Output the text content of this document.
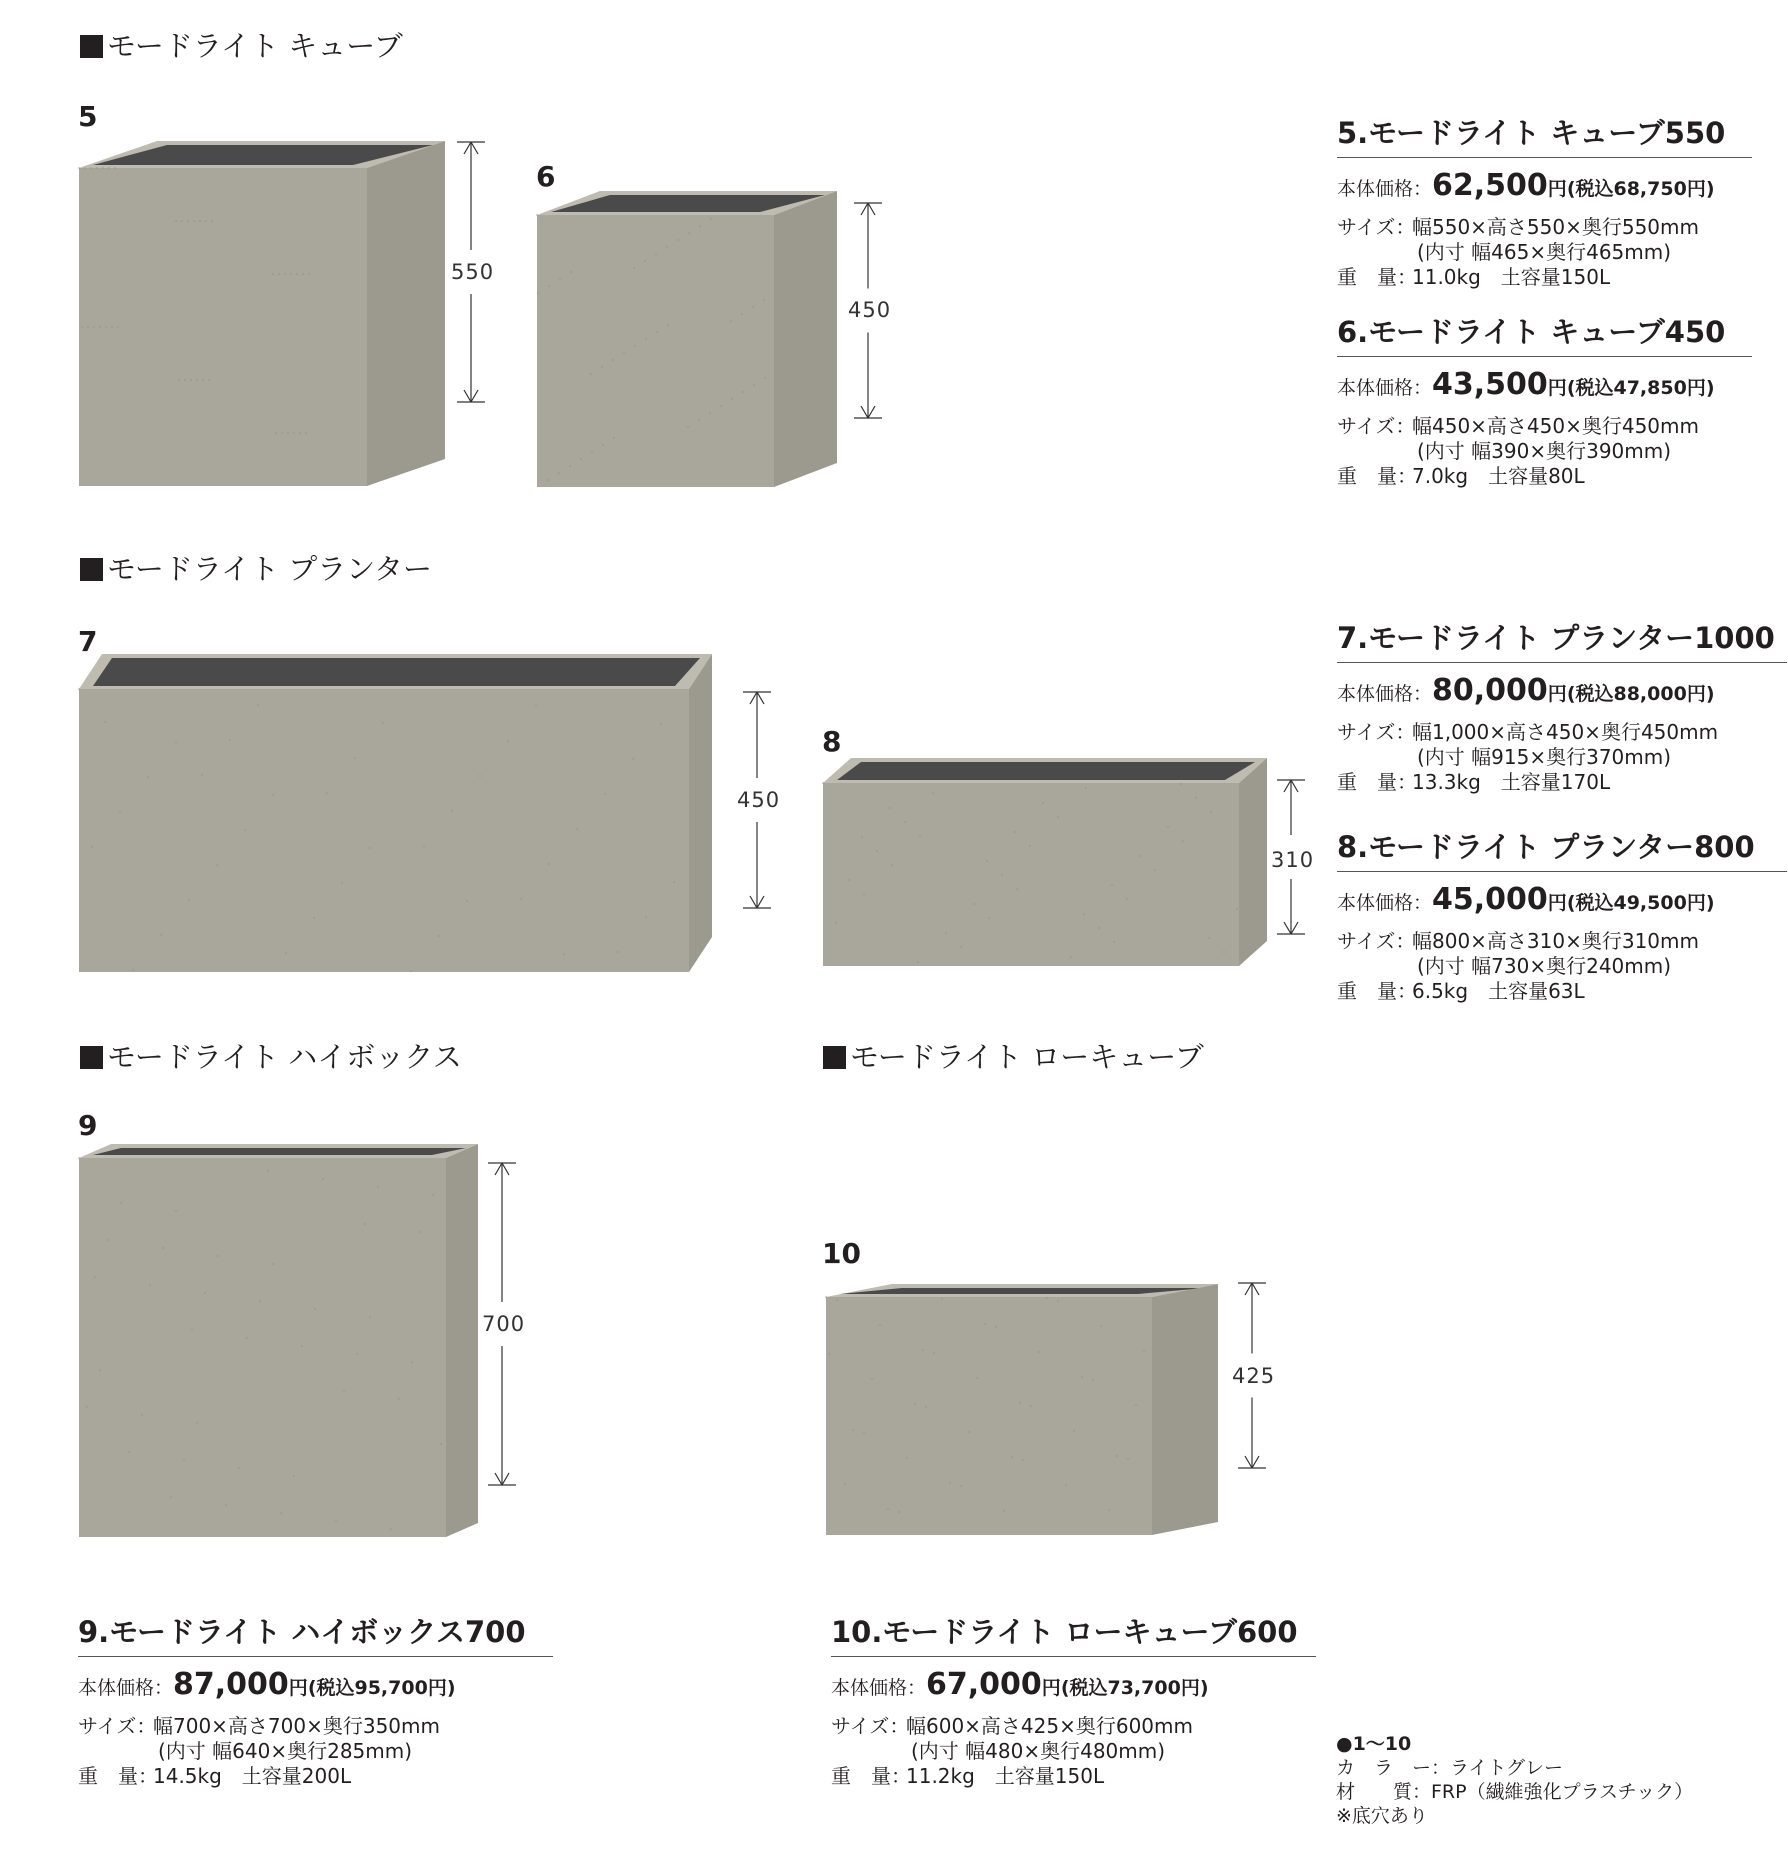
モードライト キューブ
モードライト プランター
モードライト ハイボックス	モードライト ローキューブ
5
6
7
8
9
10
550
450
450
310
700
425
5.モードライト キューブ550
本体価格：62,500円(税込68,750円)
サイズ：幅550×高さ550×奥行550mm
(内寸 幅465×奥行465mm)
重　量：11.0kg　土容量150L
6.モードライト キューブ450
本体価格：43,500円(税込47,850円)
サイズ：幅450×高さ450×奥行450mm
(内寸 幅390×奥行390mm)
重　量：7.0kg　土容量80L
7.モードライト プランター1000
本体価格：80,000円(税込88,000円)
サイズ：幅1,000×高さ450×奥行450mm
(内寸 幅915×奥行370mm)
重　量：13.3kg　土容量170L
8.モードライト プランター800
本体価格：45,000円(税込49,500円)
サイズ：幅800×高さ310×奥行310mm
(内寸 幅730×奥行240mm)
重　量：6.5kg　土容量63L
9.モードライト ハイボックス700
本体価格：87,000円(税込95,700円)
サイズ：幅700×高さ700×奥行350mm
(内寸 幅640×奥行285mm)
重　量：14.5kg　土容量200L
10.モードライト ローキューブ600
本体価格：67,000円(税込73,700円)
サイズ：幅600×高さ425×奥行600mm
(内寸 幅480×奥行480mm)
重　量：11.2kg　土容量150L
●1〜10
カ　ラ　ー：ライトグレー
材　　質：FRP（繊維強化プラスチック）
※底穴あり
